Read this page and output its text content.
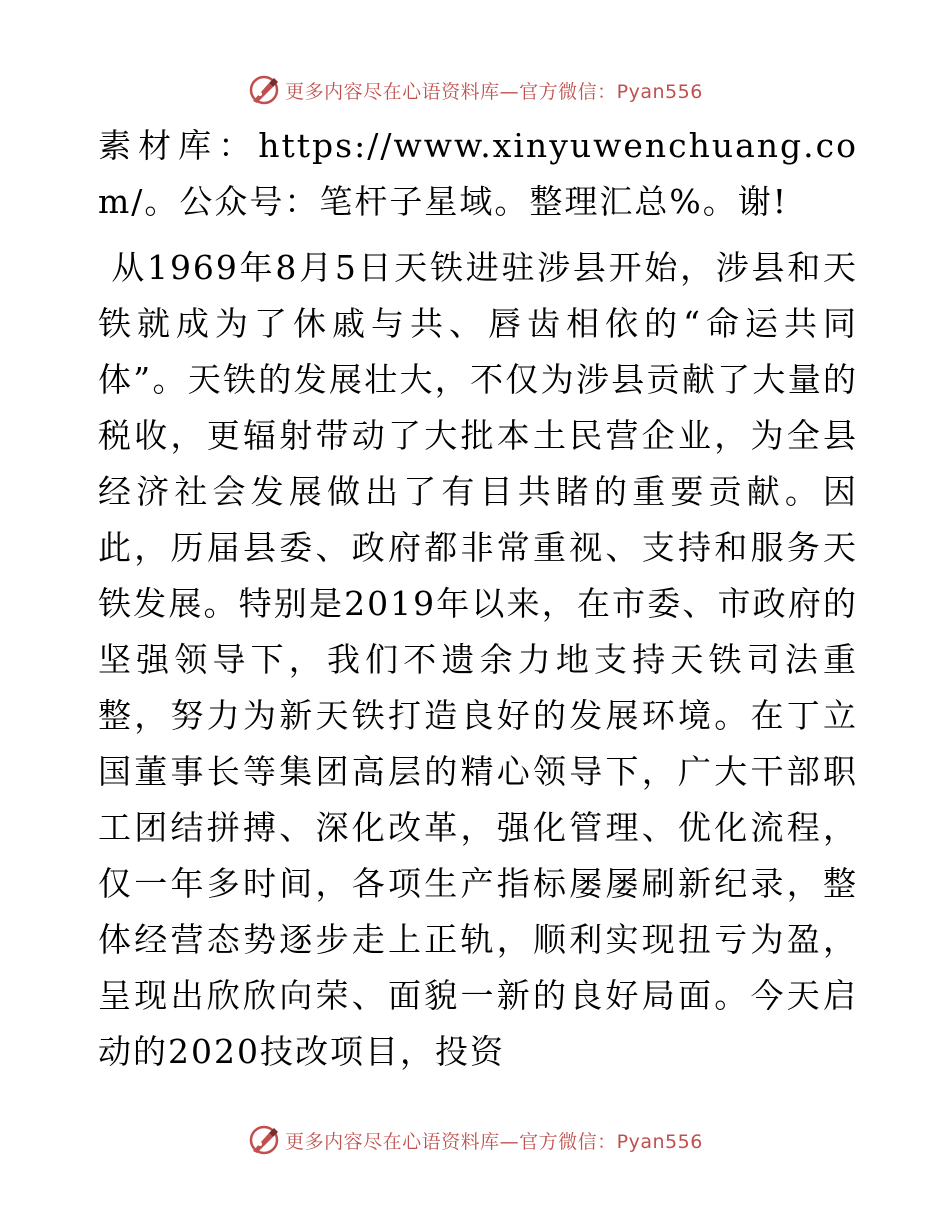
更多内容尽在心语资料库—官方微信：Pyan556

素材库：https://www.xinyuwenchuang.com/。公众号：笔杆子星域。整理汇总%。谢!

从1969年8月5日天铁进驻涉县开始，涉县和天铁就成为了休戚与共、唇齿相依的“命运共同体”。天铁的发展壮大，不仅为涉县贡献了大量的税收，更辐射带动了大批本土民营企业，为全县经济社会发展做出了有目共睹的重要贡献。因此，历届县委、政府都非常重视、支持和服务天铁发展。特别是2019年以来，在市委、市政府的坚强领导下，我们不遗余力地支持天铁司法重整，努力为新天铁打造良好的发展环境。在丁立国董事长等集团高层的精心领导下，广大干部职工团结拼搏、深化改革，强化管理、优化流程，仅一年多时间，各项生产指标屡屡刷新纪录，整体经营态势逐步走上正轨，顺利实现扭亏为盈，呈现出欣欣向荣、面貌一新的良好局面。今天启动的2020技改项目，投资

更多内容尽在心语资料库—官方微信：Pyan556
